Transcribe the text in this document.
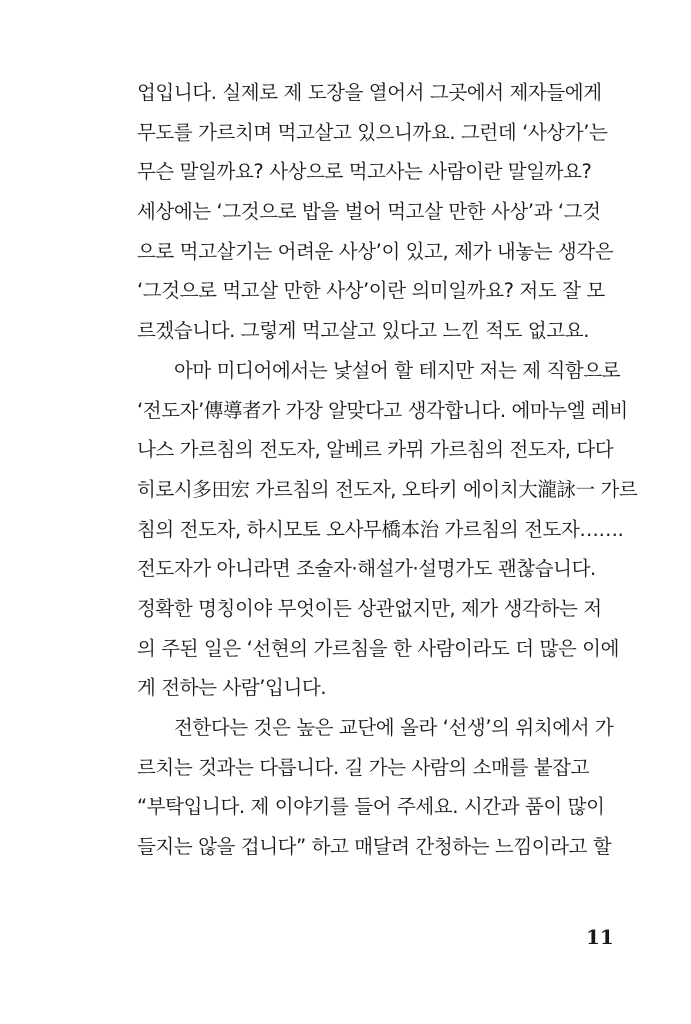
업입니다. 실제로 제 도장을 열어서 그곳에서 제자들에게
무도를 가르치며 먹고살고 있으니까요. 그런데 ‘사상가’는
무슨 말일까요? 사상으로 먹고사는 사람이란 말일까요?
세상에는 ‘그것으로 밥을 벌어 먹고살 만한 사상’과 ‘그것
으로 먹고살기는 어려운 사상’이 있고, 제가 내놓는 생각은
‘그것으로 먹고살 만한 사상’이란 의미일까요? 저도 잘 모
르겠습니다. 그렇게 먹고살고 있다고 느낀 적도 없고요.
아마 미디어에서는 낯설어 할 테지만 저는 제 직함으로
‘전도자’傳導者가 가장 알맞다고 생각합니다. 에마누엘 레비
나스 가르침의 전도자, 알베르 카뮈 가르침의 전도자, 다다
히로시多田宏 가르침의 전도자, 오타키 에이치大瀧詠一 가르
침의 전도자, 하시모토 오사무橋本治 가르침의 전도자…….
전도자가 아니라면 조술자·해설가·설명가도 괜찮습니다.
정확한 명칭이야 무엇이든 상관없지만, 제가 생각하는 저
의 주된 일은 ‘선현의 가르침을 한 사람이라도 더 많은 이에
게 전하는 사람’입니다.
전한다는 것은 높은 교단에 올라 ‘선생’의 위치에서 가
르치는 것과는 다릅니다. 길 가는 사람의 소매를 붙잡고
“부탁입니다. 제 이야기를 들어 주세요. 시간과 품이 많이
들지는 않을 겁니다” 하고 매달려 간청하는 느낌이라고 할
11
